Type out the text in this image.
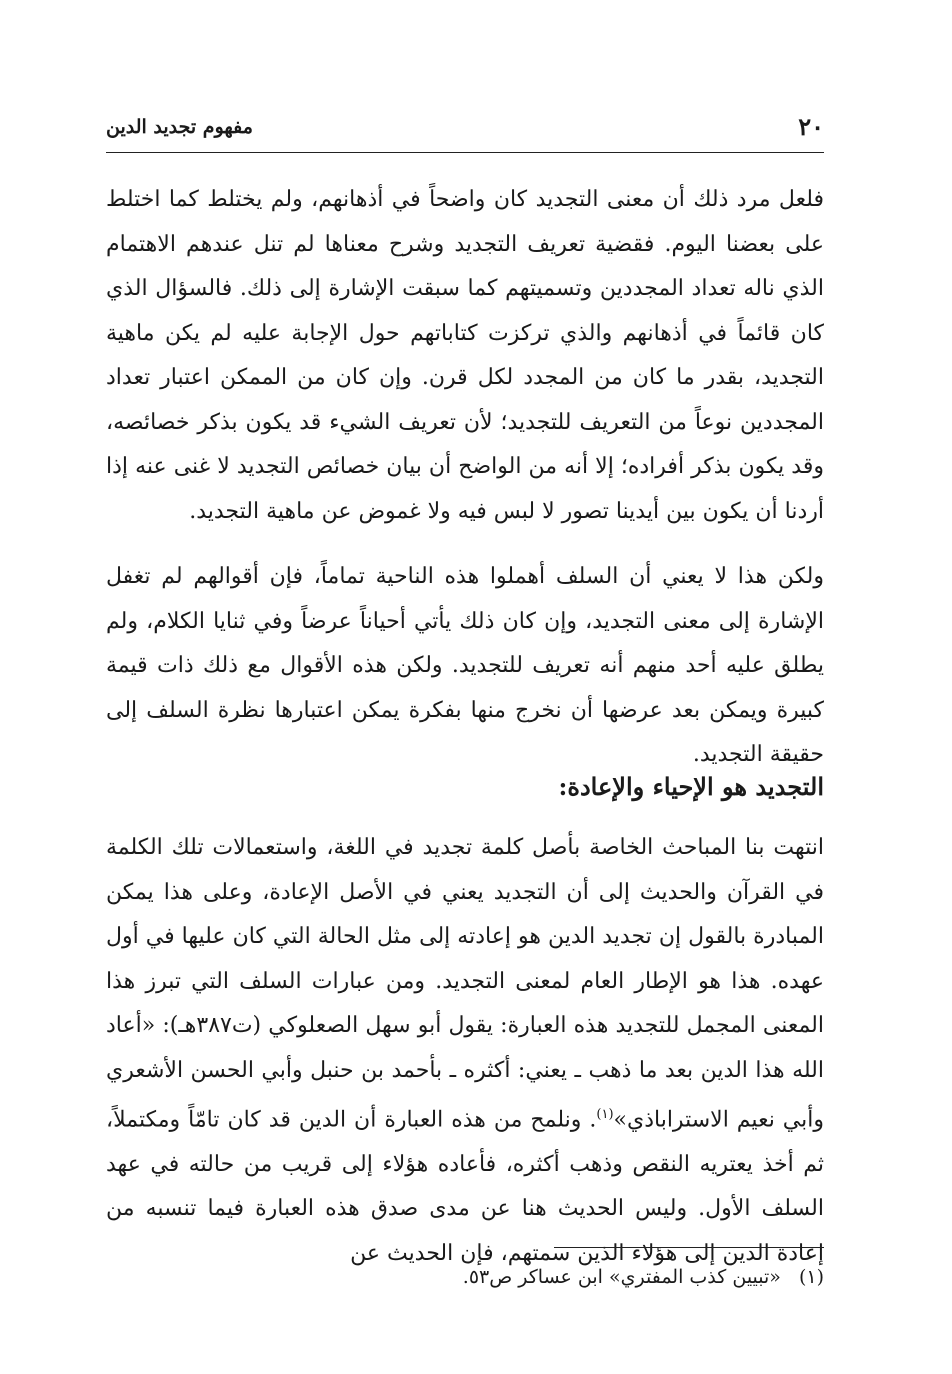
مفهوم تجديد الدين	٢٠

فلعل مرد ذلك أن معنى التجديد كان واضحاً في أذهانهم، ولم يختلط كما اختلط على بعضنا اليوم. فقضية تعريف التجديد وشرح معناها لم تنل عندهم الاهتمام الذي ناله تعداد المجددين وتسميتهم كما سبقت الإشارة إلى ذلك. فالسؤال الذي كان قائماً في أذهانهم والذي تركزت كتاباتهم حول الإجابة عليه لم يكن ماهية التجديد، بقدر ما كان من المجدد لكل قرن. وإن كان من الممكن اعتبار تعداد المجددين نوعاً من التعريف للتجديد؛ لأن تعريف الشيء قد يكون بذكر خصائصه، وقد يكون بذكر أفراده؛ إلا أنه من الواضح أن بيان خصائص التجديد لا غنى عنه إذا أردنا أن يكون بين أيدينا تصور لا لبس فيه ولا غموض عن ماهية التجديد.

ولكن هذا لا يعني أن السلف أهملوا هذه الناحية تماماً، فإن أقوالهم لم تغفل الإشارة إلى معنى التجديد، وإن كان ذلك يأتي أحياناً عرضاً وفي ثنايا الكلام، ولم يطلق عليه أحد منهم أنه تعريف للتجديد. ولكن هذه الأقوال مع ذلك ذات قيمة كبيرة ويمكن بعد عرضها أن نخرج منها بفكرة يمكن اعتبارها نظرة السلف إلى حقيقة التجديد.

التجديد هو الإحياء والإعادة:

انتهت بنا المباحث الخاصة بأصل كلمة تجديد في اللغة، واستعمالات تلك الكلمة في القرآن والحديث إلى أن التجديد يعني في الأصل الإعادة، وعلى هذا يمكن المبادرة بالقول إن تجديد الدين هو إعادته إلى مثل الحالة التي كان عليها في أول عهده. هذا هو الإطار العام لمعنى التجديد. ومن عبارات السلف التي تبرز هذا المعنى المجمل للتجديد هذه العبارة: يقول أبو سهل الصعلوكي (ت٣٨٧هـ): «أعاد الله هذا الدين بعد ما ذهب ـ يعني: أكثره ـ بأحمد بن حنبل وأبي الحسن الأشعري وأبي نعيم الاستراباذي»$^{(١)}$. ونلمح من هذه العبارة أن الدين قد كان تامّاً ومكتملاً، ثم أخذ يعتريه النقص وذهب أكثره، فأعاده هؤلاء إلى قريب من حالته في عهد السلف الأول. وليس الحديث هنا عن مدى صدق هذه العبارة فيما تنسبه من إعادة الدين إلى هؤلاء الذين سمتهم، فإن الحديث عن

(١)«تبيين كذب المفتري» ابن عساكر ص٥٣.
